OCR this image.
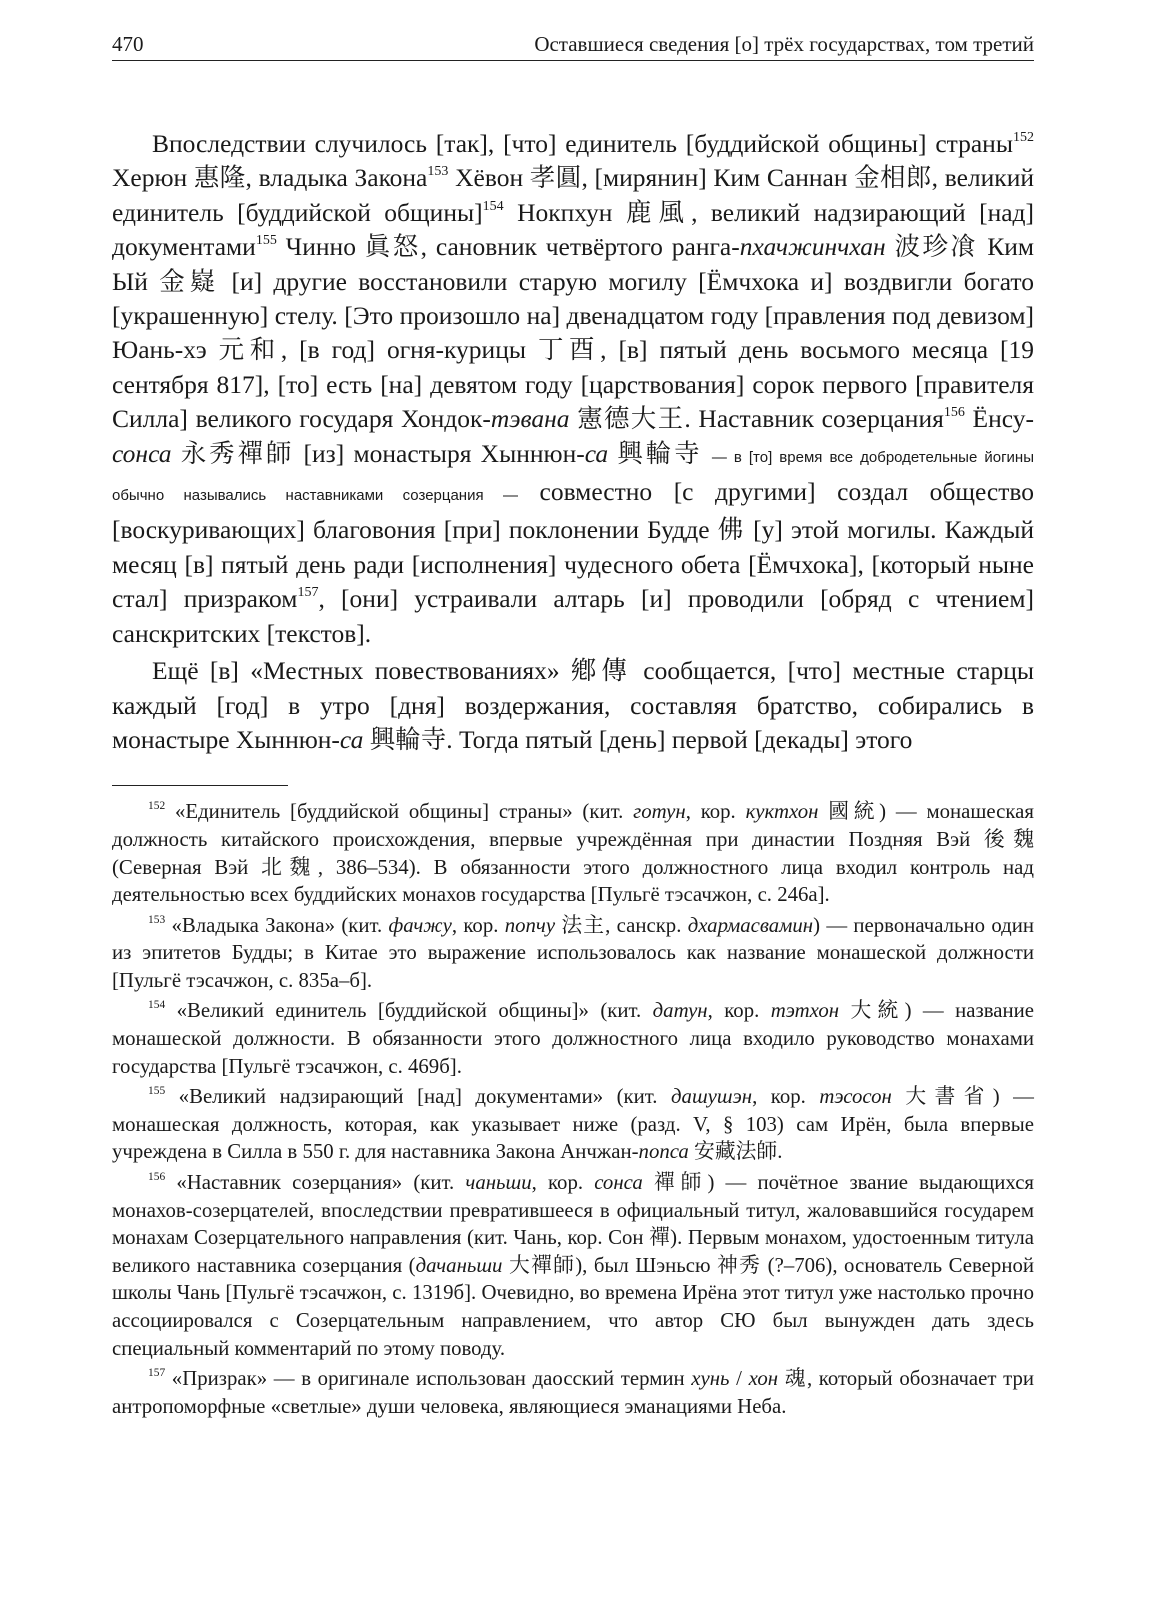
470	Оставшиеся сведения [о] трёх государствах, том третий

Впоследствии случилось [так], [что] единитель [буддийской общины] страны$^{152}$ Херюн 惠隆, владыка Закона$^{153}$ Хёвон 孝圓, [мирянин] Ким Саннан 金相郎, великий единитель [буддийской общины]$^{154}$ Нокпхун 鹿風, великий надзирающий [над] документами$^{155}$ Чинно 眞怒, сановник четвёртого ранга-пхачжинчхан 波珍飡 Ким Ый 金嶷 [и] другие восстановили старую могилу [Ёмчхока и] воздвигли богато [украшенную] стелу. [Это произошло на] двенадцатом году [правления под девизом] Юань-хэ 元和, [в год] огня-курицы 丁酉, [в] пятый день восьмого месяца [19 сентября 817], [то] есть [на] девятом году [царствования] сорок первого [правителя Силла] великого государя Хондок-тэвана 憲德大王. Наставник созерцания$^{156}$ Ёнсу-сонса 永秀禪師 [из] монастыря Хыннюн-са 興輪寺 — в [то] время все добродетельные йогины обычно назывались наставниками созерцания — совместно [с другими] создал общество [воскуривающих] благовония [при] поклонении Будде 佛 [у] этой могилы. Каждый месяц [в] пятый день ради [исполнения] чудесного обета [Ёмчхока], [который ныне стал] призраком$^{157}$, [они] устраивали алтарь [и] проводили [обряд с чтением] санскритских [текстов].

Ещё [в] «Местных повествованиях» 鄕傳 сообщается, [что] местные старцы каждый [год] в утро [дня] воздержания, составляя братство, собирались в монастыре Хыннюн-са 興輪寺. Тогда пятый [день] первой [декады] этого

$^{152}$ «Единитель [буддийской общины] страны» (кит. готун, кор. куктхон 國統) — монашеская должность китайского происхождения, впервые учреждённая при династии Поздняя Вэй 後魏 (Северная Вэй 北魏, 386–534). В обязанности этого должностного лица входил контроль над деятельностью всех буддийских монахов государства [Пульгё тэсачжон, с. 246а].

$^{153}$ «Владыка Закона» (кит. фачжу, кор. попчу 法主, санскр. дхармасвамин) — первоначально один из эпитетов Будды; в Китае это выражение использовалось как название монашеской должности [Пульгё тэсачжон, с. 835а–б].

$^{154}$ «Великий единитель [буддийской общины]» (кит. датун, кор. тэтхон 大統) — название монашеской должности. В обязанности этого должностного лица входило руководство монахами государства [Пульгё тэсачжон, с. 469б].

$^{155}$ «Великий надзирающий [над] документами» (кит. дашушэн, кор. тэсосон 大書省) — монашеская должность, которая, как указывает ниже (разд. V, § 103) сам Ирён, была впервые учреждена в Силла в 550 г. для наставника Закона Анчжан-попса 安藏法師.

$^{156}$ «Наставник созерцания» (кит. чаньши, кор. сонса 禪師) — почётное звание выдающихся монахов-созерцателей, впоследствии превратившееся в официальный титул, жаловавшийся государем монахам Созерцательного направления (кит. Чань, кор. Сон 禪). Первым монахом, удостоенным титула великого наставника созерцания (дачаньши 大禪師), был Шэньсю 神秀 (?–706), основатель Северной школы Чань [Пульгё тэсачжон, с. 1319б]. Очевидно, во времена Ирёна этот титул уже настолько прочно ассоциировался с Созерцательным направлением, что автор СЮ был вынужден дать здесь специальный комментарий по этому поводу.

$^{157}$ «Призрак» — в оригинале использован даосский термин хунь / хон 魂, который обозначает три антропоморфные «светлые» души человека, являющиеся эманациями Неба.
